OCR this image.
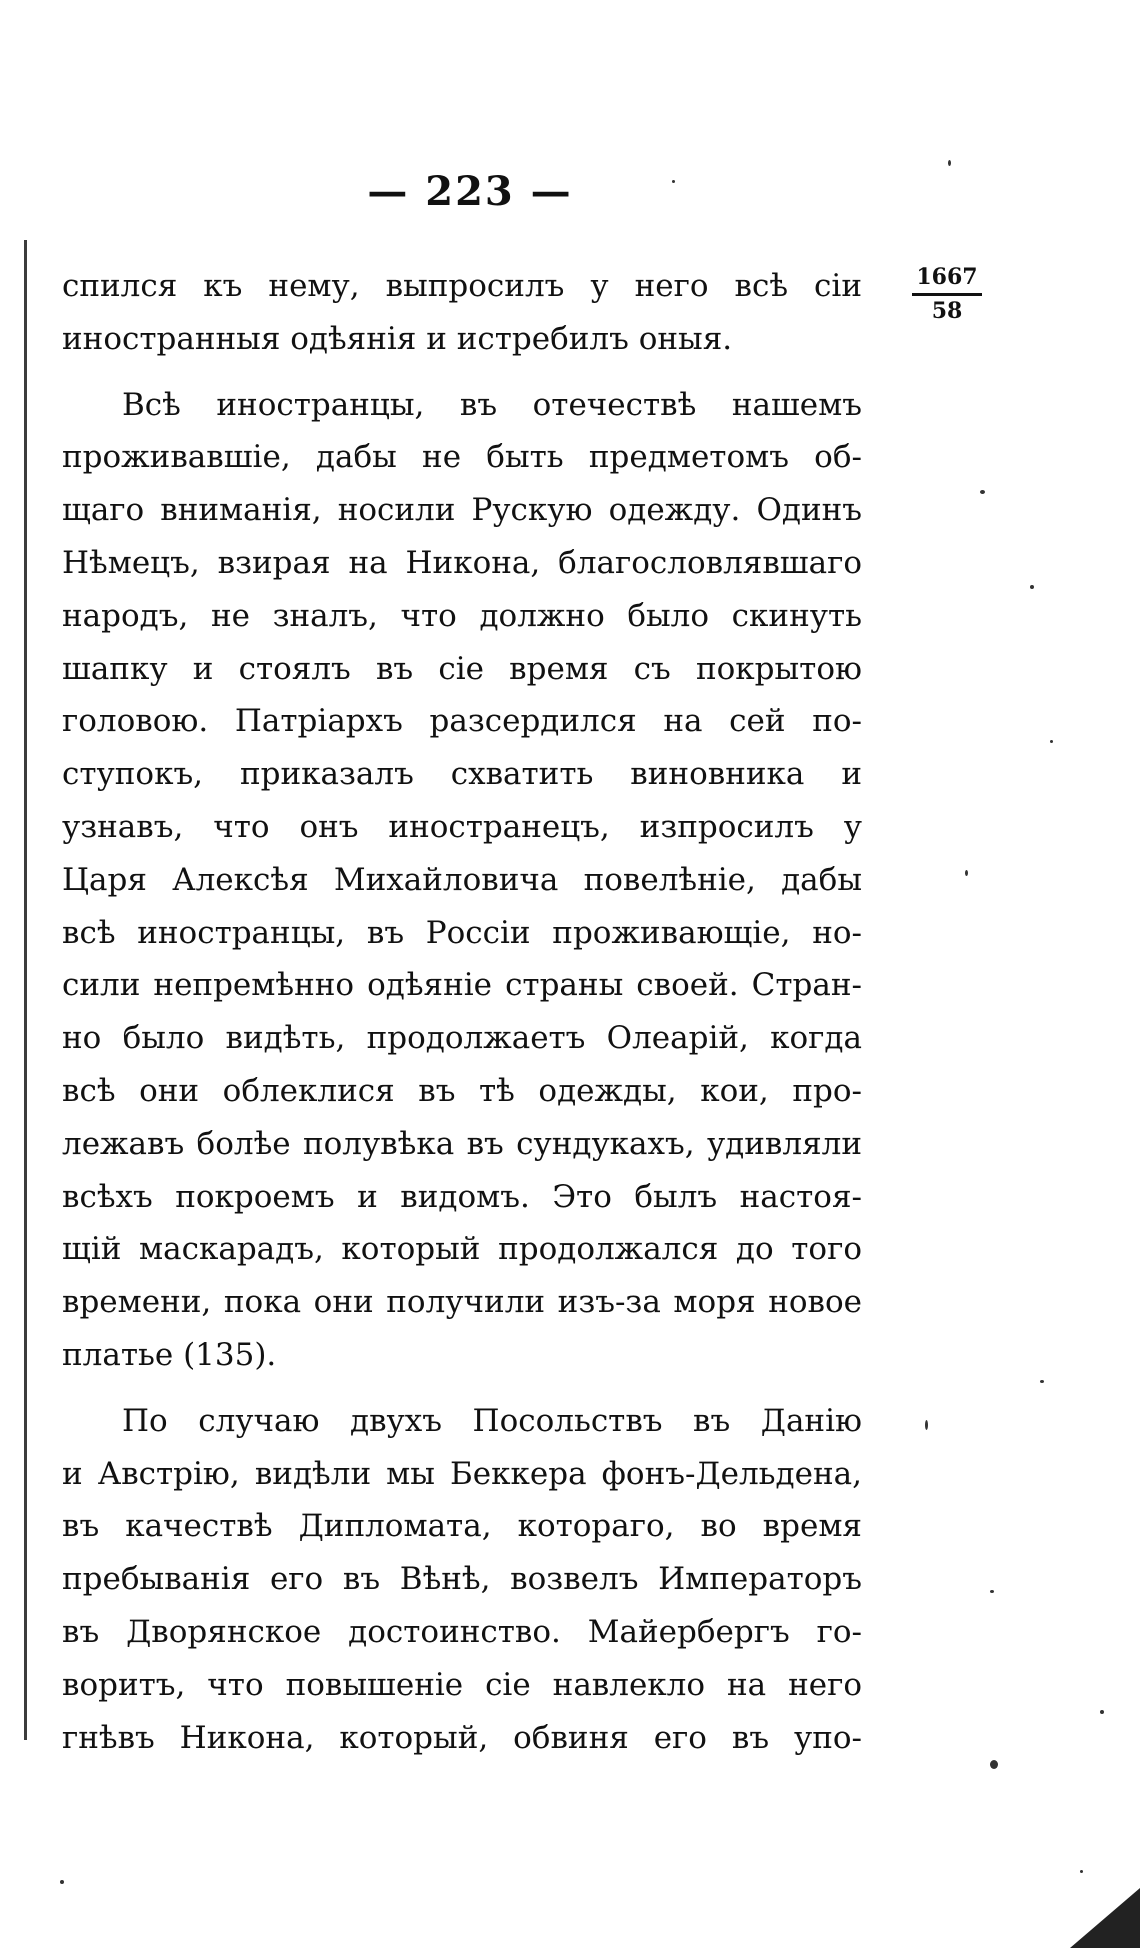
— 223 —
1667
58
спился къ нему, выпросилъ у него всѣ сіи
иностранныя одѣянія и истребилъ оныя.
Всѣ иностранцы, въ отечествѣ нашемъ
проживавшіе, дабы не быть предметомъ об-
щаго вниманія, носили Рускую одежду. Одинъ
Нѣмецъ, взирая на Никона, благословлявшаго
народъ, не зналъ, что должно было скинуть
шапку и стоялъ въ сіе время съ покрытою
головою. Патріархъ разсердился на сей по-
ступокъ, приказалъ схватить виновника и
узнавъ, что онъ иностранецъ, изпросилъ у
Царя Алексѣя Михайловича повелѣніе, дабы
всѣ иностранцы, въ Россіи проживающіе, но-
сили непремѣнно одѣяніе страны своей. Стран-
но было видѣть, продолжаетъ Олеарій, когда
всѣ они облеклися въ тѣ одежды, кои, про-
лежавъ болѣе полувѣка въ сундукахъ, удивляли
всѣхъ покроемъ и видомъ. Это былъ настоя-
щій маскарадъ, который продолжался до того
времени, пока они получили изъ-за моря новое
платье (135).
По случаю двухъ Посольствъ въ Данію
и Австрію, видѣли мы Беккера фонъ-Дельдена,
въ качествѣ Дипломата, котораго, во время
пребыванія его въ Вѣнѣ, возвелъ Императоръ
въ Дворянское достоинство. Майербергъ го-
воритъ, что повышеніе сіе навлекло на него
гнѣвъ Никона, который, обвиня его въ упо-
